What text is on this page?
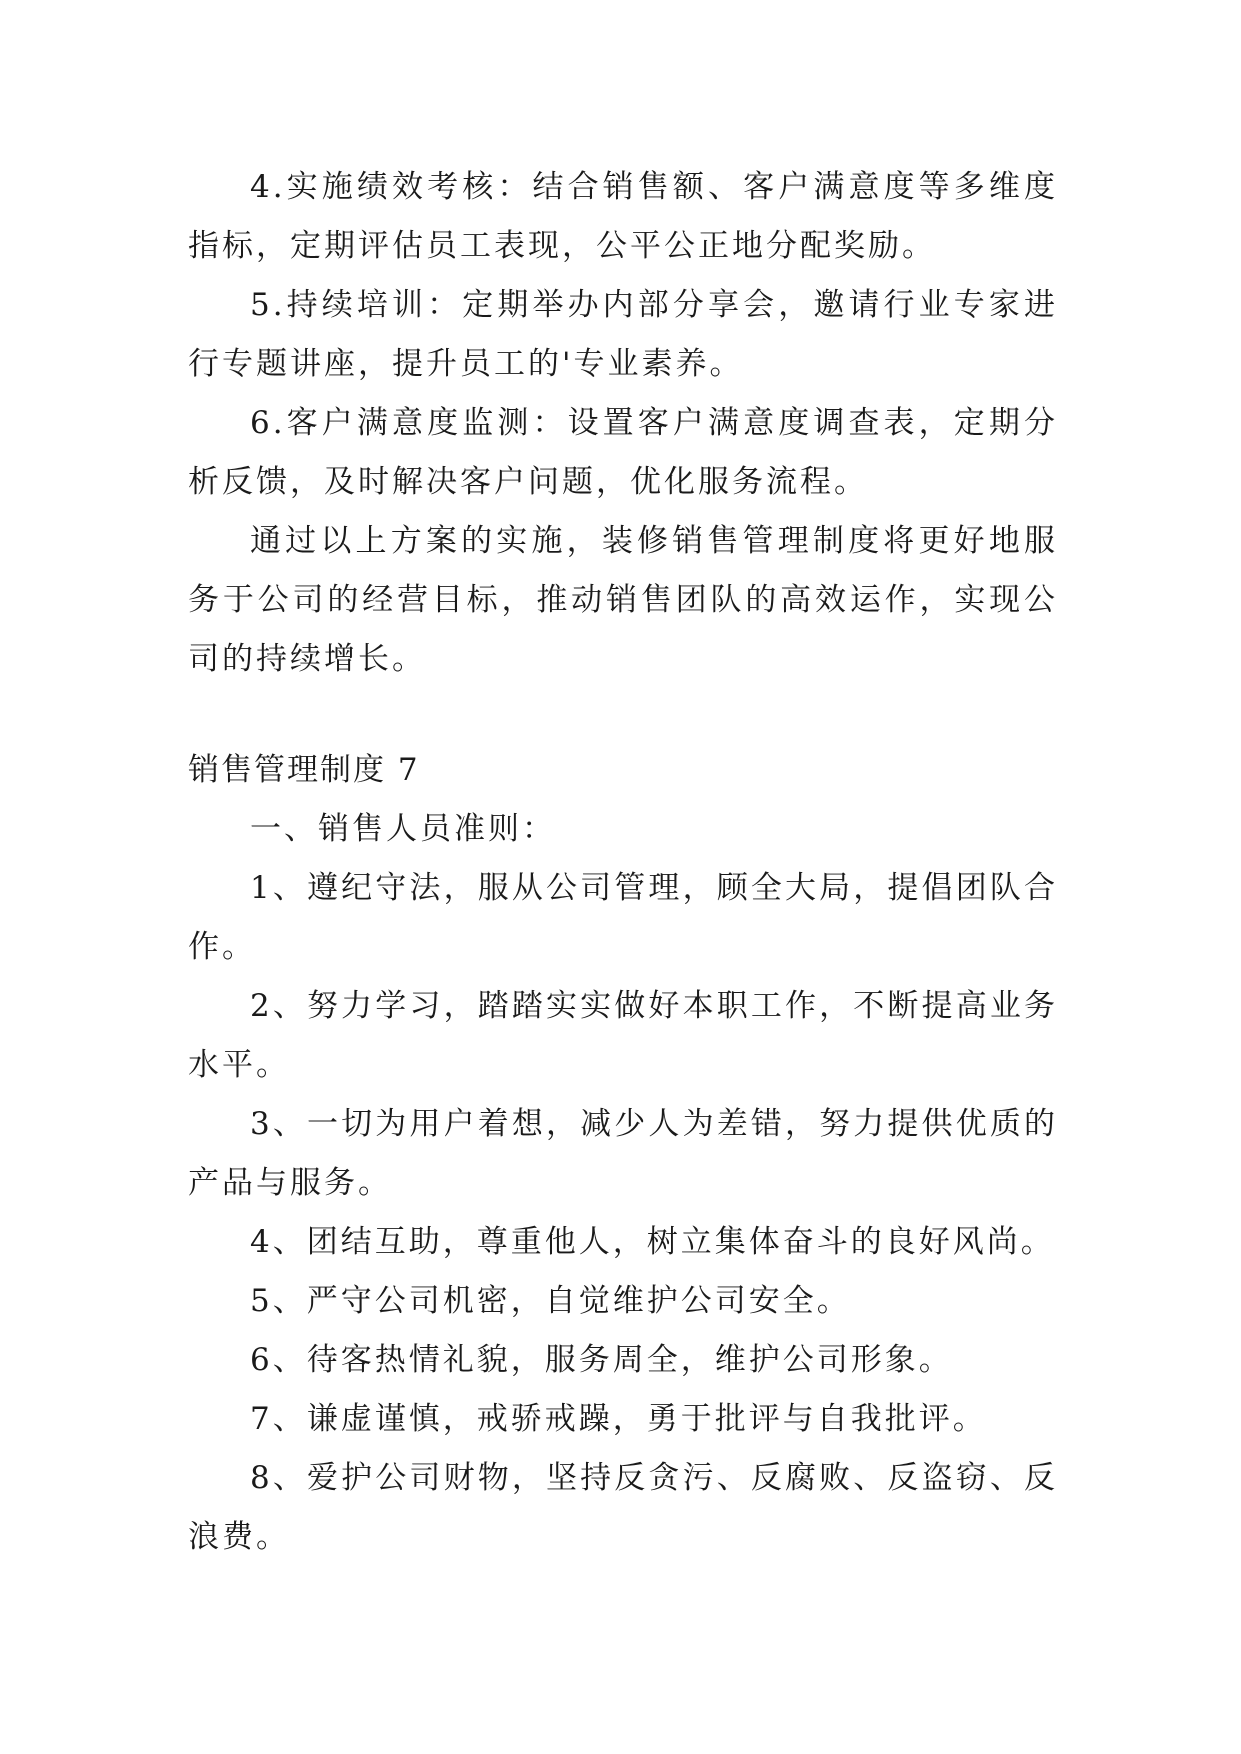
4.实施绩效考核：结合销售额、客户满意度等多维度指标，定期评估员工表现，公平公正地分配奖励。

5.持续培训：定期举办内部分享会，邀请行业专家进行专题讲座，提升员工的'专业素养。

6.客户满意度监测：设置客户满意度调查表，定期分析反馈，及时解决客户问题，优化服务流程。

通过以上方案的实施，装修销售管理制度将更好地服务于公司的经营目标，推动销售团队的高效运作，实现公司的持续增长。

销售管理制度 7

一、销售人员准则：

1、遵纪守法，服从公司管理，顾全大局，提倡团队合作。

2、努力学习，踏踏实实做好本职工作，不断提高业务水平。

3、一切为用户着想，减少人为差错，努力提供优质的产品与服务。

4、团结互助，尊重他人，树立集体奋斗的良好风尚。

5、严守公司机密，自觉维护公司安全。

6、待客热情礼貌，服务周全，维护公司形象。

7、谦虚谨慎，戒骄戒躁，勇于批评与自我批评。

8、爱护公司财物，坚持反贪污、反腐败、反盗窃、反浪费。
